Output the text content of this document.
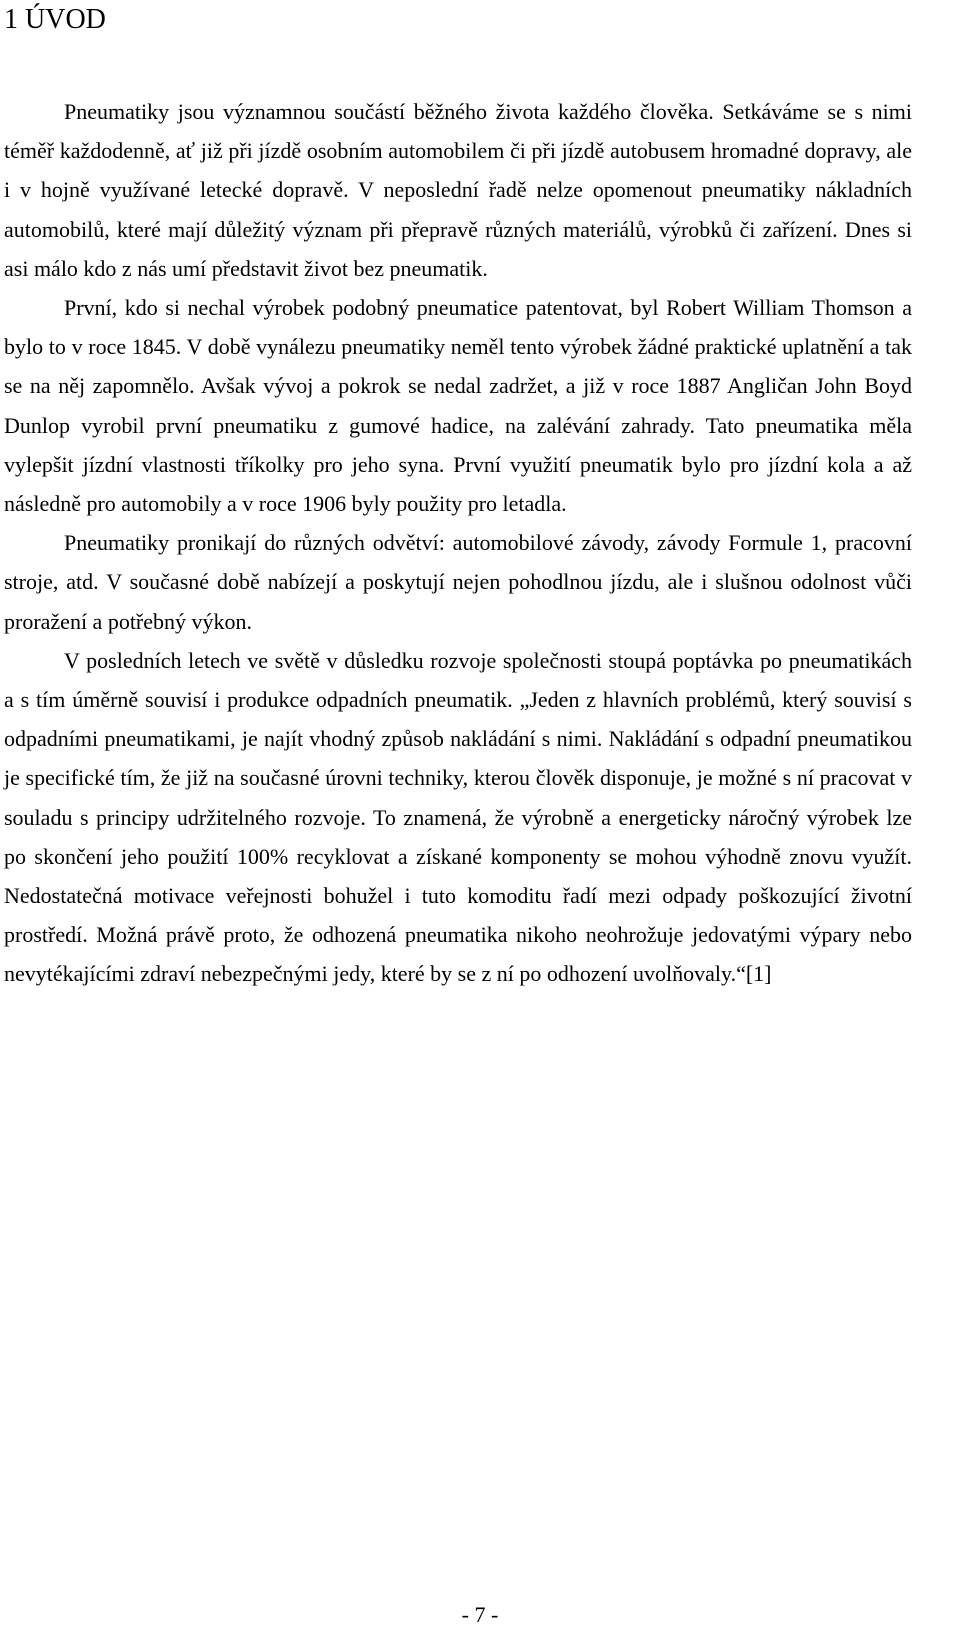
1 ÚVOD

Pneumatiky jsou významnou součástí běžného života každého člověka. Setkáváme se s nimi téměř každodenně, ať již při jízdě osobním automobilem či při jízdě autobusem hromadné dopravy, ale i v hojně využívané letecké dopravě. V neposlední řadě nelze opomenout pneumatiky nákladních automobilů, které mají důležitý význam při přepravě různých materiálů, výrobků či zařízení. Dnes si asi málo kdo z nás umí představit život bez pneumatik.

První, kdo si nechal výrobek podobný pneumatice patentovat, byl Robert William Thomson a bylo to v roce 1845. V době vynálezu pneumatiky neměl tento výrobek žádné praktické uplatnění a tak se na něj zapomnělo. Avšak vývoj a pokrok se nedal zadržet, a již v roce 1887 Angličan John Boyd Dunlop vyrobil první pneumatiku z gumové hadice, na zalévání zahrady. Tato pneumatika měla vylepšit jízdní vlastnosti tříkolky pro jeho syna. První využití pneumatik bylo pro jízdní kola a až následně pro automobily a v roce 1906 byly použity pro letadla.

Pneumatiky pronikají do různých odvětví: automobilové závody, závody Formule 1, pracovní stroje, atd. V současné době nabízejí a poskytují nejen pohodlnou jízdu, ale i slušnou odolnost vůči proražení a potřebný výkon.

V posledních letech ve světě v důsledku rozvoje společnosti stoupá poptávka po pneumatikách a s tím úměrně souvisí i produkce odpadních pneumatik. „Jeden z hlavních problémů, který souvisí s odpadními pneumatikami, je najít vhodný způsob nakládání s nimi. Nakládání s odpadní pneumatikou je specifické tím, že již na současné úrovni techniky, kterou člověk disponuje, je možné s ní pracovat v souladu s principy udržitelného rozvoje. To znamená, že výrobně a energeticky náročný výrobek lze po skončení jeho použití 100% recyklovat a získané komponenty se mohou výhodně znovu využít. Nedostatečná motivace veřejnosti bohužel i tuto komoditu řadí mezi odpady poškozující životní prostředí. Možná právě proto, že odhozená pneumatika nikoho neohrožuje jedovatými výpary nebo nevytékajícími zdraví nebezpečnými jedy, které by se z ní po odhození uvolňovaly.“[1]

- 7 -
